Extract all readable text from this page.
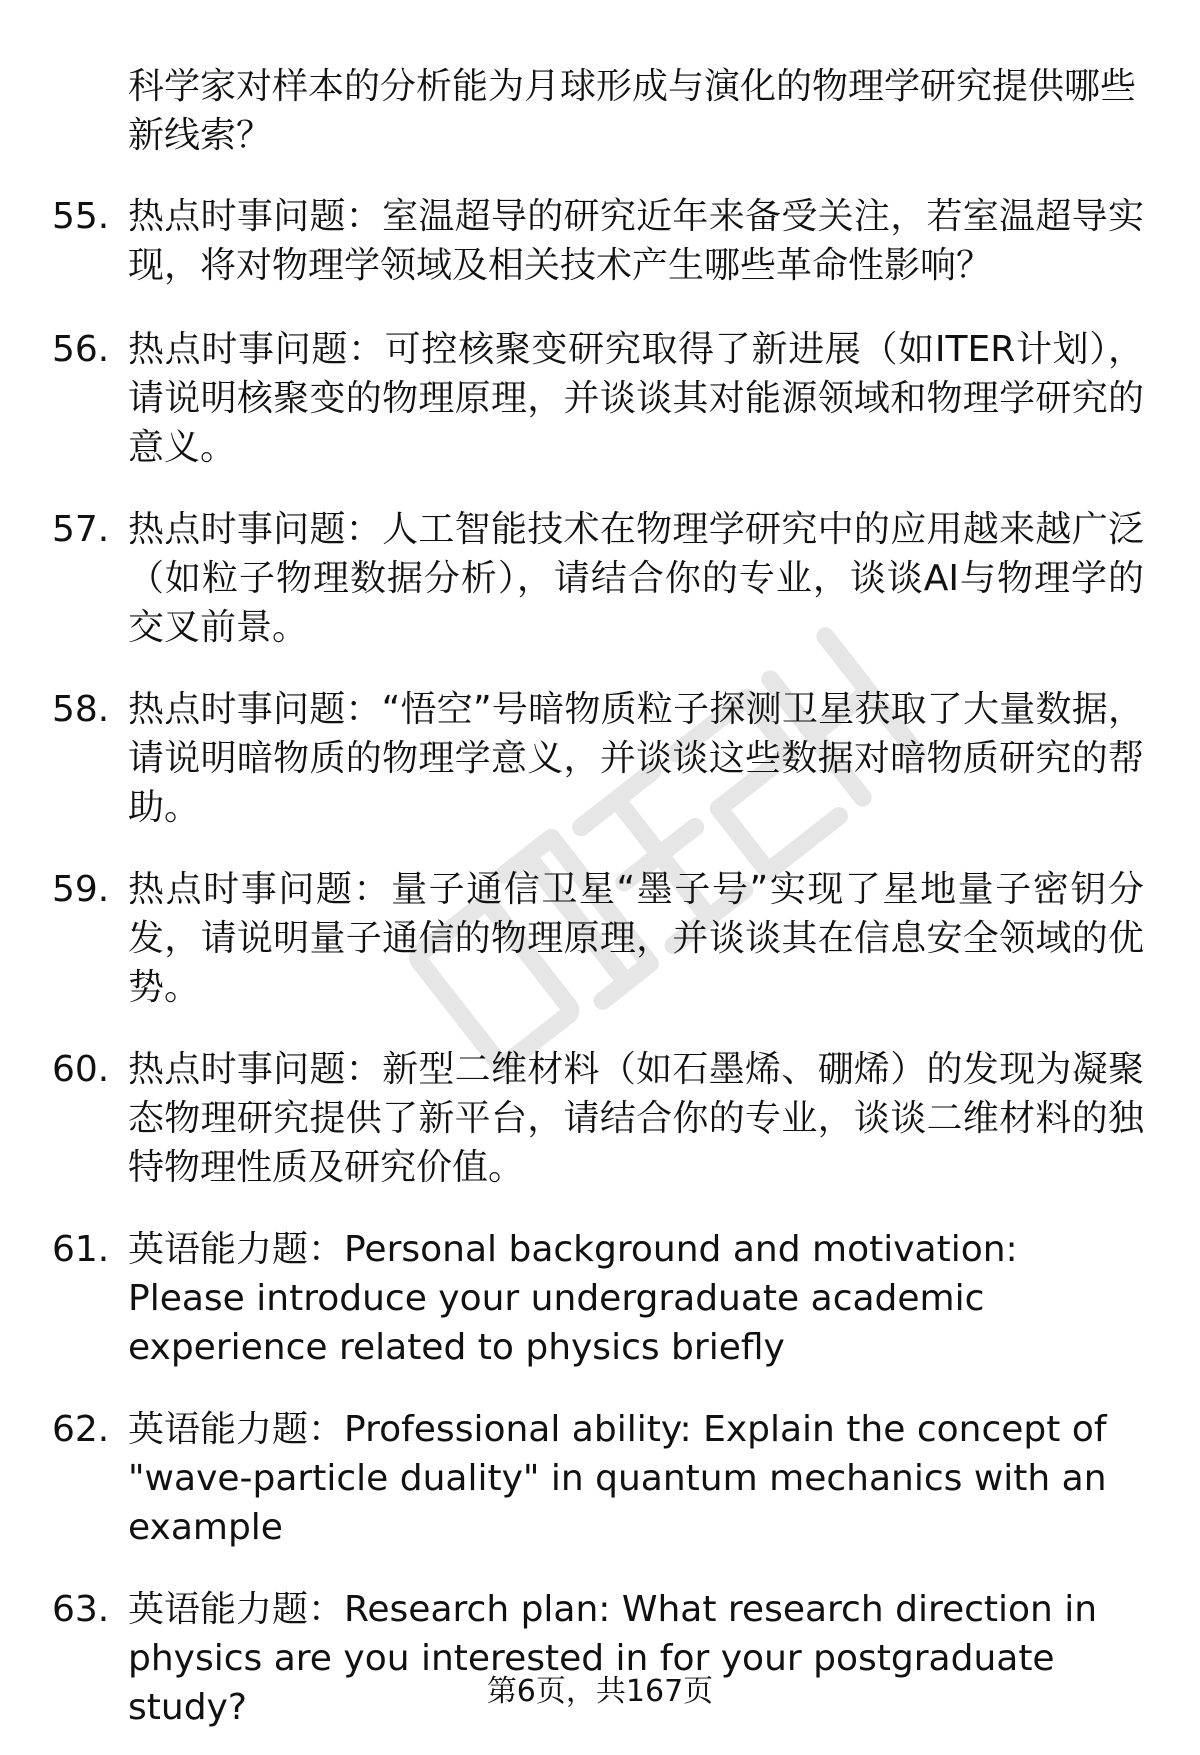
科学家对样本的分析能为月球形成与演化的物理学研究提供哪些新线索？
55. 热点时事问题：室温超导的研究近年来备受关注，若室温超导实现，将对物理学领域及相关技术产生哪些革命性影响？
56. 热点时事问题：可控核聚变研究取得了新进展（如ITER计划），请说明核聚变的物理原理，并谈谈其对能源领域和物理学研究的意义。
57. 热点时事问题：人工智能技术在物理学研究中的应用越来越广泛（如粒子物理数据分析），请结合你的专业，谈谈AI与物理学的交叉前景。
58. 热点时事问题：“悟空”号暗物质粒子探测卫星获取了大量数据，请说明暗物质的物理学意义，并谈谈这些数据对暗物质研究的帮助。
59. 热点时事问题：量子通信卫星“墨子号”实现了星地量子密钥分发，请说明量子通信的物理原理，并谈谈其在信息安全领域的优势。
60. 热点时事问题：新型二维材料（如石墨烯、硼烯）的发现为凝聚态物理研究提供了新平台，请结合你的专业，谈谈二维材料的独特物理性质及研究价值。
61. 英语能力题：Personal background and motivation: Please introduce your undergraduate academic experience related to physics briefly
62. 英语能力题：Professional ability: Explain the concept of "wave-particle duality" in quantum mechanics with an example
63. 英语能力题：Research plan: What research direction in physics are you interested in for your postgraduate study?	第6页，共167页
